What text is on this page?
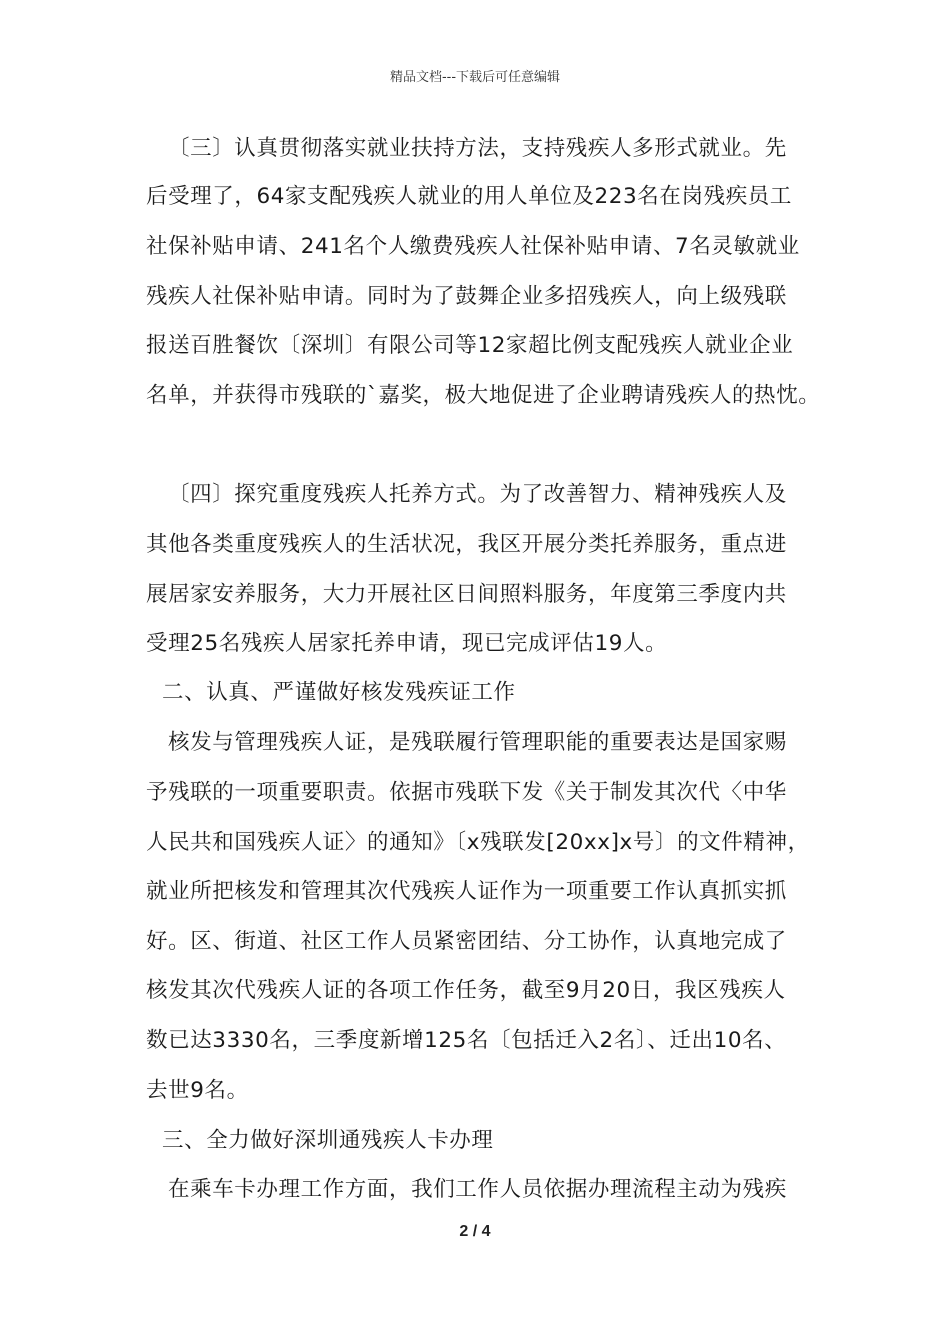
精品文档---下载后可任意编辑
〔三〕认真贯彻落实就业扶持方法，支持残疾人多形式就业。先
后受理了，64家支配残疾人就业的用人单位及223名在岗残疾员工
社保补贴申请、241名个人缴费残疾人社保补贴申请、7名灵敏就业
残疾人社保补贴申请。同时为了鼓舞企业多招残疾人，向上级残联
报送百胜餐饮〔深圳〕有限公司等12家超比例支配残疾人就业企业
名单，并获得市残联的`嘉奖，极大地促进了企业聘请残疾人的热忱。
〔四〕探究重度残疾人托养方式。为了改善智力、精神残疾人及
其他各类重度残疾人的生活状况，我区开展分类托养服务，重点进
展居家安养服务，大力开展社区日间照料服务，年度第三季度内共
受理25名残疾人居家托养申请，现已完成评估19人。
二、认真、严谨做好核发残疾证工作
核发与管理残疾人证，是残联履行管理职能的重要表达是国家赐
予残联的一项重要职责。依据市残联下发《关于制发其次代〈中华
人民共和国残疾人证〉的通知》〔x残联发[20xx]x号〕的文件精神，
就业所把核发和管理其次代残疾人证作为一项重要工作认真抓实抓
好。区、街道、社区工作人员紧密团结、分工协作，认真地完成了
核发其次代残疾人证的各项工作任务，截至9月20日，我区残疾人
数已达3330名，三季度新增125名〔包括迁入2名〕、迁出10名、
去世9名。
三、全力做好深圳通残疾人卡办理
在乘车卡办理工作方面，我们工作人员依据办理流程主动为残疾
2 / 4
